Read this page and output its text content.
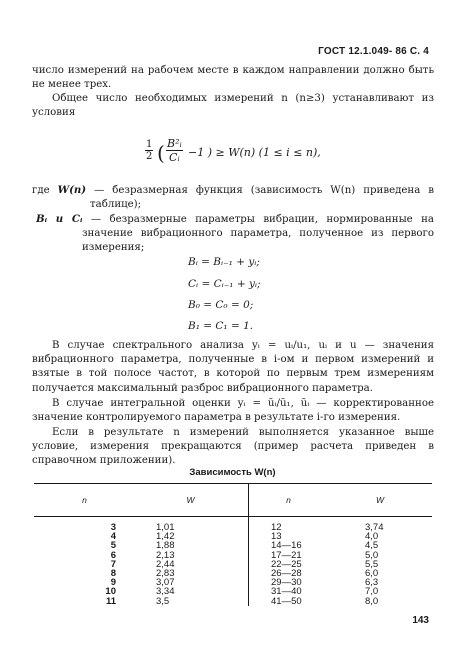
ГОСТ 12.1.049- 86 С. 4
число измерений на рабочем месте в каждом направлении должно быть не менее трех.
Общее число необходимых измерений n (n≥3) устанавливают из условия
$\frac{1}{2}$ ( $\frac{\text{B²ᵢ}}{\text{Cᵢ}} -1$ ) ≥ W(n) (1 ≤ i ≤ n),
где W(n) — безразмерная функция (зависимость W(n) приведена в таблице);
Bᵢ и Cᵢ — безразмерные параметры вибрации, нормированные на значение вибрационного параметра, полученное из первого измерения;
Bᵢ = Bᵢ₋₁ + yᵢ;
Cᵢ = Cᵢ₋₁ + yᵢ;
B₀ = C₀ = 0;
B₁ = C₁ = 1.
В случае спектрального анализа yᵢ = uᵢ/u₁, uᵢ и u — значения вибрационного параметра, полученные в i-ом и первом измерений и взятые в той полосе частот, в которой по первым трем измерениям получается максимальный разброс вибрационного параметра.
В случае интегральной оценки yᵢ = ũᵢ/ũ₁, ũᵢ — корректированное значение контролируемого параметра в результате i-го измерения.
Если в результате n измерений выполняется указанное выше условие, измерения прекращаются (пример расчета приведен в справочном приложении).
Зависимость W(n)
n	W	n	W
3	1,01	12	3,74
4	1,42	13	4,0
5	1,88	14—16	4,5
6	2,13	17—21	5,0
7	2,44	22—25	5,5
8	2,83	26—28	6,0
9	3,07	29—30	6,3
10	3,34	31—40	7,0
11	3,5	41—50	8,0
143
